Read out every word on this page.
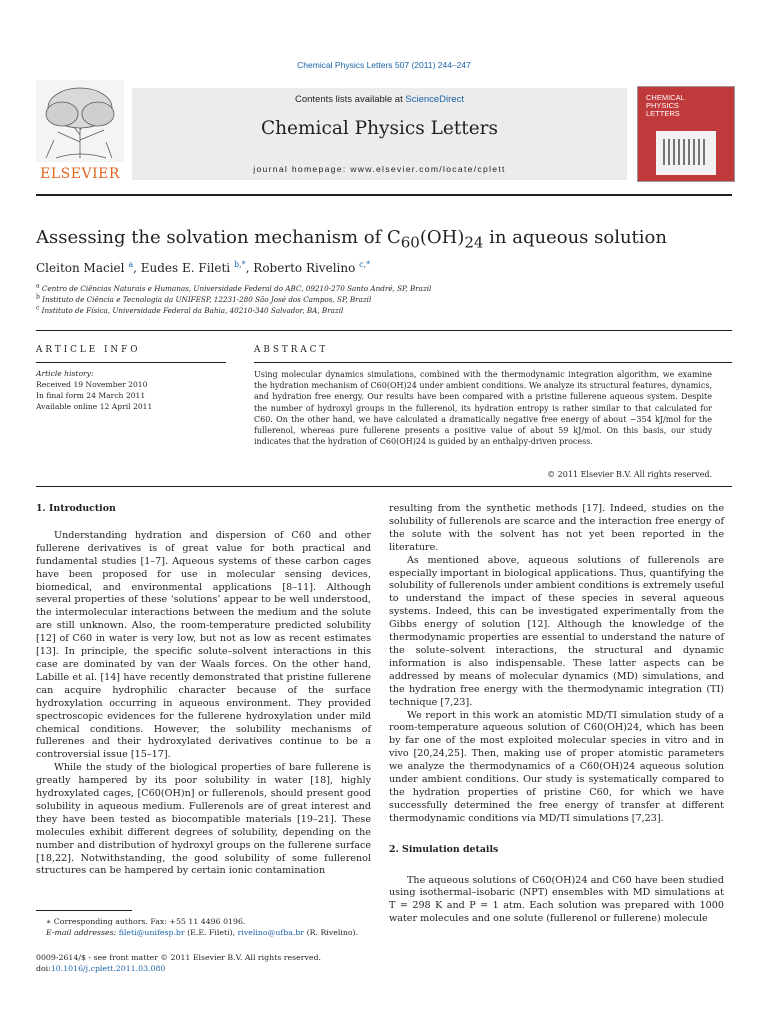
Chemical Physics Letters 507 (2011) 244–247
ELSEVIER
Contents lists available at ScienceDirect
Chemical Physics Letters
journal homepage: www.elsevier.com/locate/cplett
CHEMICAL
PHYSICS
LETTERS
Assessing the solvation mechanism of $C_{60}(OH)_{24}$ in aqueous solution
Cleiton Maciel $^a$, Eudes E. Fileti $^{b,*}$, Roberto Rivelino $^{c,*}$
$^a$ Centro de Ciências Naturais e Humanas, Universidade Federal do ABC, 09210-270 Santo André, SP, Brazil
$^b$ Instituto de Ciência e Tecnologia da UNIFESP, 12231-280 São José dos Campos, SP, Brazil
$^c$ Instituto de Física, Universidade Federal da Bahia, 40210-340 Salvador, BA, Brazil
ARTICLE INFO
Article history:
Received 19 November 2010
In final form 24 March 2011
Available online 12 April 2011
ABSTRACT
Using molecular dynamics simulations, combined with the thermodynamic integration algorithm, we examine the hydration mechanism of C60(OH)24 under ambient conditions. We analyze its structural features, dynamics, and hydration free energy. Our results have been compared with a pristine fullerene aqueous system. Despite the number of hydroxyl groups in the fullerenol, its hydration entropy is rather similar to that calculated for C60. On the other hand, we have calculated a dramatically negative free energy of about −354 kJ/mol for the fullerenol, whereas pure fullerene presents a positive value of about 59 kJ/mol. On this basis, our study indicates that the hydration of C60(OH)24 is guided by an enthalpy-driven process.
© 2011 Elsevier B.V. All rights reserved.

1. Introduction

Understanding hydration and dispersion of C60 and other fullerene derivatives is of great value for both practical and fundamental studies [1–7]. Aqueous systems of these carbon cages have been proposed for use in molecular sensing devices, biomedical, and environmental applications [8–11]. Although several properties of these ‘solutions’ appear to be well understood, the intermolecular interactions between the medium and the solute are still unknown. Also, the room-temperature predicted solubility [12] of C60 in water is very low, but not as low as recent estimates [13]. In principle, the specific solute–solvent interactions in this case are dominated by van der Waals forces. On the other hand, Labille et al. [14] have recently demonstrated that pristine fullerene can acquire hydrophilic character because of the surface hydroxylation occurring in aqueous environment. They provided spectroscopic evidences for the fullerene hydroxylation under mild chemical conditions. However, the solubility mechanisms of fullerenes and their hydroxylated derivatives continue to be a controversial issue [15–17].

While the study of the biological properties of bare fullerene is greatly hampered by its poor solubility in water [18], highly hydroxylated cages, [C60(OH)n] or fullerenols, should present good solubility in aqueous medium. Fullerenols are of great interest and they have been tested as biocompatible materials [19–21]. These molecules exhibit different degrees of solubility, depending on the number and distribution of hydroxyl groups on the fullerene surface [18,22]. Notwithstanding, the good solubility of some fullerenol structures can be hampered by certain ionic contamination

resulting from the synthetic methods [17]. Indeed, studies on the solubility of fullerenols are scarce and the interaction free energy of the solute with the solvent has not yet been reported in the literature.

As mentioned above, aqueous solutions of fullerenols are especially important in biological applications. Thus, quantifying the solubility of fullerenols under ambient conditions is extremely useful to understand the impact of these species in several aqueous systems. Indeed, this can be investigated experimentally from the Gibbs energy of solution [12]. Although the knowledge of the thermodynamic properties are essential to understand the nature of the solute–solvent interactions, the structural and dynamic information is also indispensable. These latter aspects can be addressed by means of molecular dynamics (MD) simulations, and the hydration free energy with the thermodynamic integration (TI) technique [7,23].

We report in this work an atomistic MD/TI simulation study of a room-temperature aqueous solution of C60(OH)24, which has been by far one of the most exploited molecular species in vitro and in vivo [20,24,25]. Then, making use of proper atomistic parameters we analyze the thermodynamics of a C60(OH)24 aqueous solution under ambient conditions. Our study is systematically compared to the hydration properties of pristine C60, for which we have successfully determined the free energy of transfer at different thermodynamic conditions via MD/TI simulations [7,23].

2. Simulation details

The aqueous solutions of C60(OH)24 and C60 have been studied using isothermal–isobaric (NPT) ensembles with MD simulations at T = 298 K and P = 1 atm. Each solution was prepared with 1000 water molecules and one solute (fullerenol or fullerene) molecule

∗ Corresponding authors. Fax: +55 11 4496 0196.
E-mail addresses: fileti@unifesp.br (E.E. Fileti), rivelino@ufba.br (R. Rivelino).
0009-2614/$ - see front matter © 2011 Elsevier B.V. All rights reserved.
doi:10.1016/j.cplett.2011.03.080
